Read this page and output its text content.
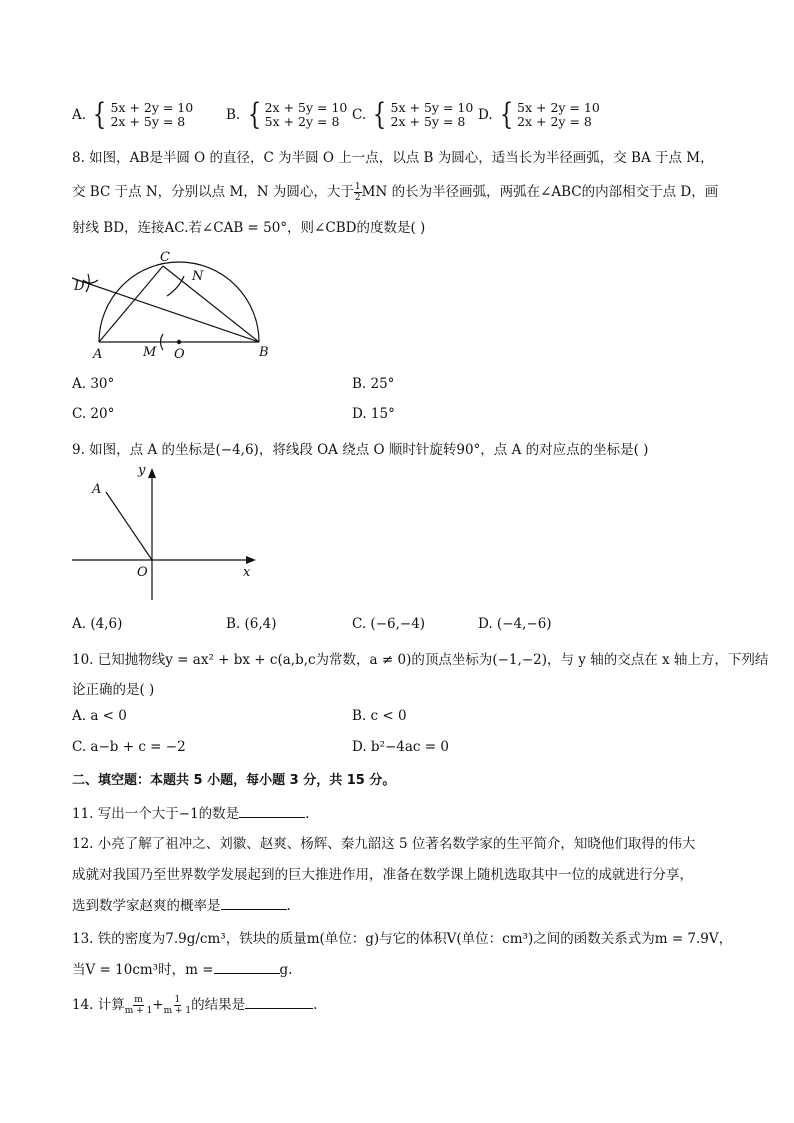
A. { 5x + 2y = 10
2x + 5y = 8	B. { 2x + 5y = 10
5x + 2y = 8 C. { 5x + 5y = 10
2x + 5y = 8 D. { 5x + 2y = 10
2x + 2y = 8
8. 如图，AB是半圆 O 的直径，C 为半圆 O 上一点，以点 B 为圆心，适当长为半径画弧，交 BA 于点 M，
交 BC 于点 N，分别以点 M，N 为圆心，大于 $\frac{1}{2}$ MN 的长为半径画弧，两弧在∠ABC的内部相交于点 D，画
射线 BD，连接AC.若∠CAB = 50°，则∠CBD的度数是( )
C
N
D
A	M O	B
A. 30°	B. 25°
C. 20°	D. 15°
9. 如图，点 A 的坐标是(−4,6)，将线段 OA 绕点 O 顺时针旋转90°，点 A 的对应点的坐标是( )
A
y
O	x
A. (4,6)	B. (6,4)	C. (−6,−4)	D. (−4,−6)
10. 已知抛物线y = ax² + bx + c(a,b,c为常数，a ≠ 0)的顶点坐标为(−1,−2)，与 y 轴的交点在 x 轴上方，下列结
论正确的是( )
A. a < 0	B. c < 0
C. a−b + c = −2	D. b²−4ac = 0
二、填空题：本题共 5 小题，每小题 3 分，共 15 分。
11. 写出一个大于−1的数是	.
12. 小亮了解了祖冲之、刘徽、赵爽、杨辉、秦九韶这 5 位著名数学家的生平简介，知晓他们取得的伟大
成就对我国乃至世界数学发展起到的巨大推进作用，准备在数学课上随机选取其中一位的成就进行分享，
选到数学家赵爽的概率是	.
13. 铁的密度为7.9g/cm³，铁块的质量m(单位：g)与它的体积V(单位：cm³)之间的函数关系式为m = 7.9V，
当V = 10cm³时，m =	g.
14. 计算 $\frac{m}{m + 1} + \frac{1}{m + 1}$ 的结果是	.
